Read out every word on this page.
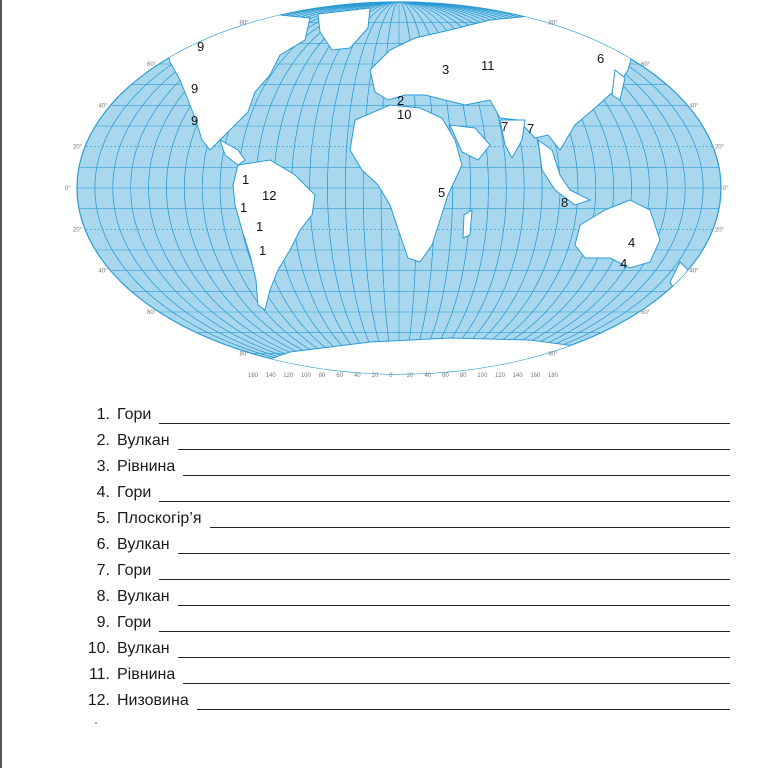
80°	80°
60°	60°
40°	40°
20°	20°
0°	0°
20°	20°
40°	40°
60°	60°
80°	80°
160 140 120 100 80 60 40 20 0 20 40 60 80 100 120 140 160 180
9
9
9
1
12
1
1
1
2
10
3 11	6
7 7
5
8
4
4
1. Гори
2. Вулкан
3. Рівнина
4. Гори
5. Плоскогір’я
6. Вулкан
7. Гори
8. Вулкан
9. Гори
10. Вулкан
11. Рівнина
12. Низовина
